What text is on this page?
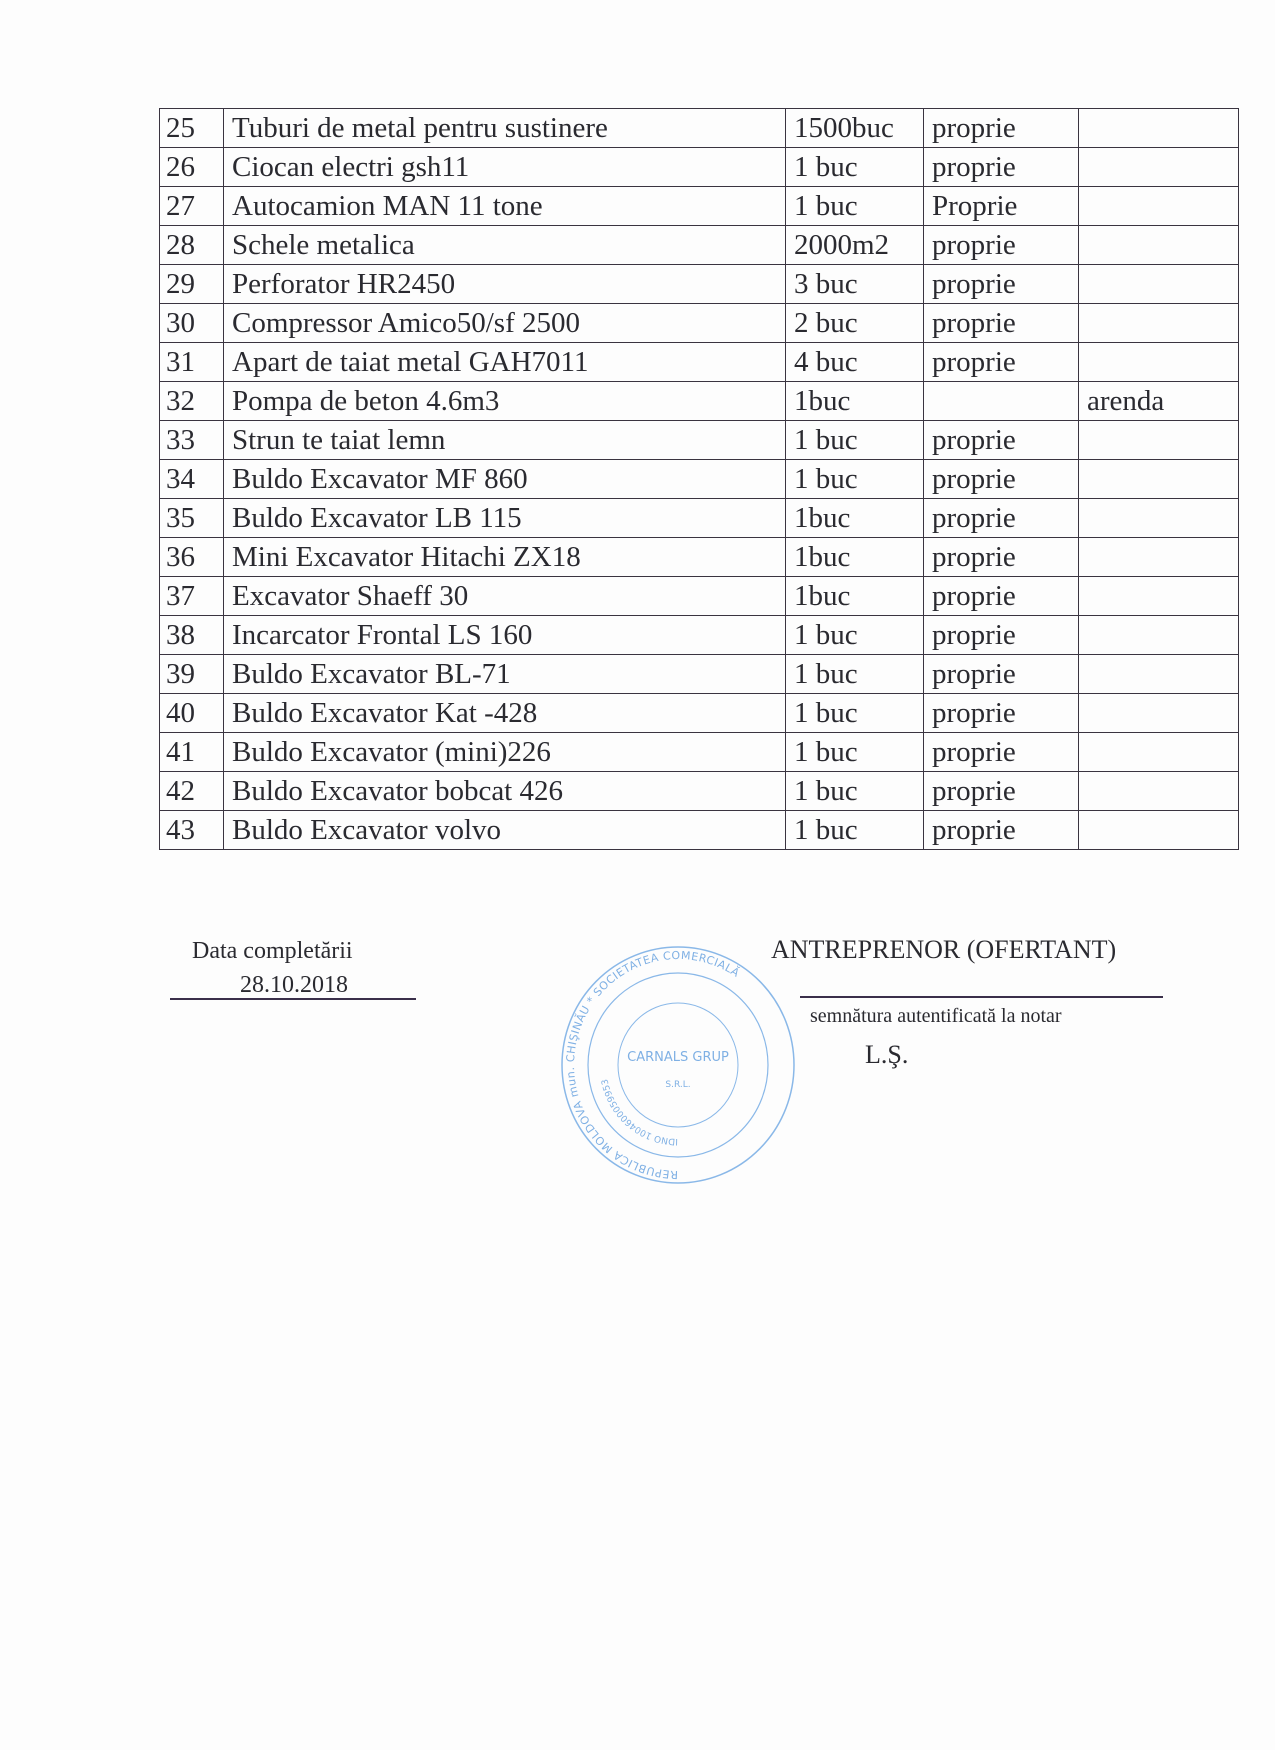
25	Tuburi de metal pentru sustinere	1500buc	proprie	
26	Ciocan electri gsh11	1 buc	proprie	
27	Autocamion MAN 11 tone	1 buc	Proprie	
28	Schele metalica	2000m2	proprie	
29	Perforator HR2450	3 buc	proprie	
30	Compressor Amico50/sf 2500	2 buc	proprie	
31	Apart de taiat metal GAH7011	4 buc	proprie	
32	Pompa de beton 4.6m3	1buc		arenda
33	Strun te taiat lemn	1 buc	proprie	
34	Buldo Excavator MF 860	1 buc	proprie	
35	Buldo Excavator LB 115	1buc	proprie	
36	Mini Excavator Hitachi ZX18	1buc	proprie	
37	Excavator Shaeff 30	1buc	proprie	
38	Incarcator Frontal LS 160	1 buc	proprie	
39	Buldo Excavator BL-71	1 buc	proprie	
40	Buldo Excavator Kat -428	1 buc	proprie	
41	Buldo Excavator (mini)226	1 buc	proprie	
42	Buldo Excavator bobcat 426	1 buc	proprie	
43	Buldo Excavator volvo	1 buc	proprie	
Data completării
28.10.2018
ANTREPRENOR (OFERTANT)
semnătura autentificată la notar
L.Ş.
REPUBLICA MOLDOVA mun. CHIŞINĂU * SOCIETATEA COMERCIALĂ
IDNO 1004600059953
CARNALS GRUP
S.R.L.
